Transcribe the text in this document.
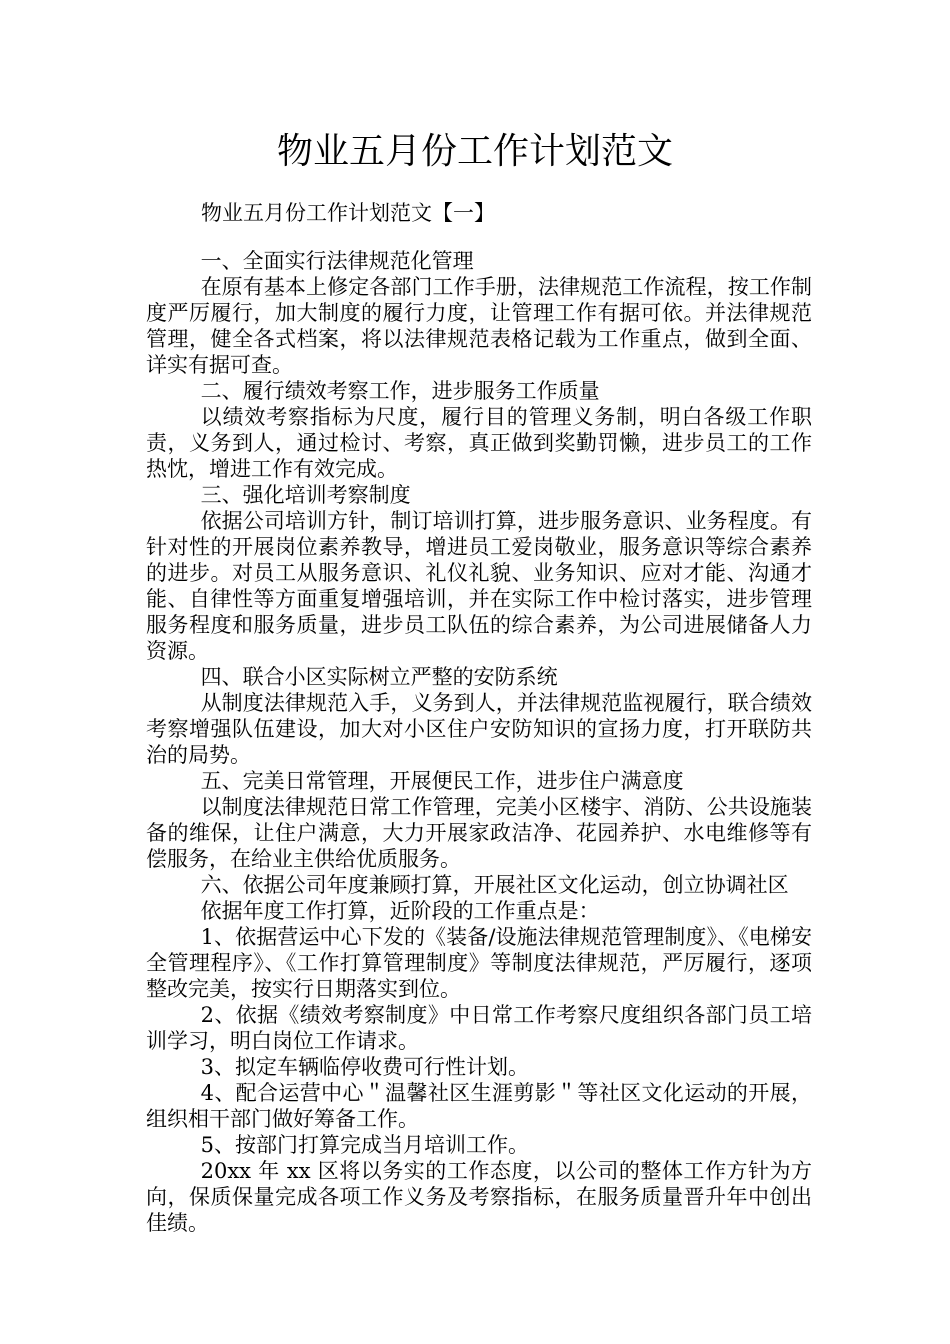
物业五月份工作计划范文
物业五月份工作计划范文【一】

一、全面实行法律规范化管理

在原有基本上修定各部门工作手册，法律规范工作流程，按工作制度严厉履行，加大制度的履行力度，让管理工作有据可依。并法律规范管理，健全各式档案，将以法律规范表格记载为工作重点，做到全面、详实有据可查。

二、履行绩效考察工作，进步服务工作质量

以绩效考察指标为尺度，履行目的管理义务制，明白各级工作职责，义务到人，通过检讨、考察，真正做到奖勤罚懒，进步员工的工作热忱，增进工作有效完成。

三、强化培训考察制度

依据公司培训方针，制订培训打算，进步服务意识、业务程度。有针对性的开展岗位素养教导，增进员工爱岗敬业，服务意识等综合素养的进步。对员工从服务意识、礼仪礼貌、业务知识、应对才能、沟通才能、自律性等方面重复增强培训，并在实际工作中检讨落实，进步管理服务程度和服务质量，进步员工队伍的综合素养，为公司进展储备人力资源。

四、联合小区实际树立严整的安防系统

从制度法律规范入手，义务到人，并法律规范监视履行，联合绩效考察增强队伍建设，加大对小区住户安防知识的宣扬力度，打开联防共治的局势。

五、完美日常管理，开展便民工作，进步住户满意度

以制度法律规范日常工作管理，完美小区楼宇、消防、公共设施装备的维保，让住户满意，大力开展家政洁净、花园养护、水电维修等有偿服务，在给业主供给优质服务。

六、依据公司年度兼顾打算，开展社区文化运动，创立协调社区

依据年度工作打算，近阶段的工作重点是：

1、依据营运中心下发的《装备/设施法律规范管理制度》、《电梯安全管理程序》、《工作打算管理制度》等制度法律规范，严厉履行，逐项整改完美，按实行日期落实到位。

2、依据《绩效考察制度》中日常工作考察尺度组织各部门员工培训学习，明白岗位工作请求。

3、拟定车辆临停收费可行性计划。

4、配合运营中心＂温馨社区生涯剪影＂等社区文化运动的开展，组织相干部门做好筹备工作。

5、按部门打算完成当月培训工作。

20xx 年 xx 区将以务实的工作态度，以公司的整体工作方针为方向，保质保量完成各项工作义务及考察指标，在服务质量晋升年中创出佳绩。
